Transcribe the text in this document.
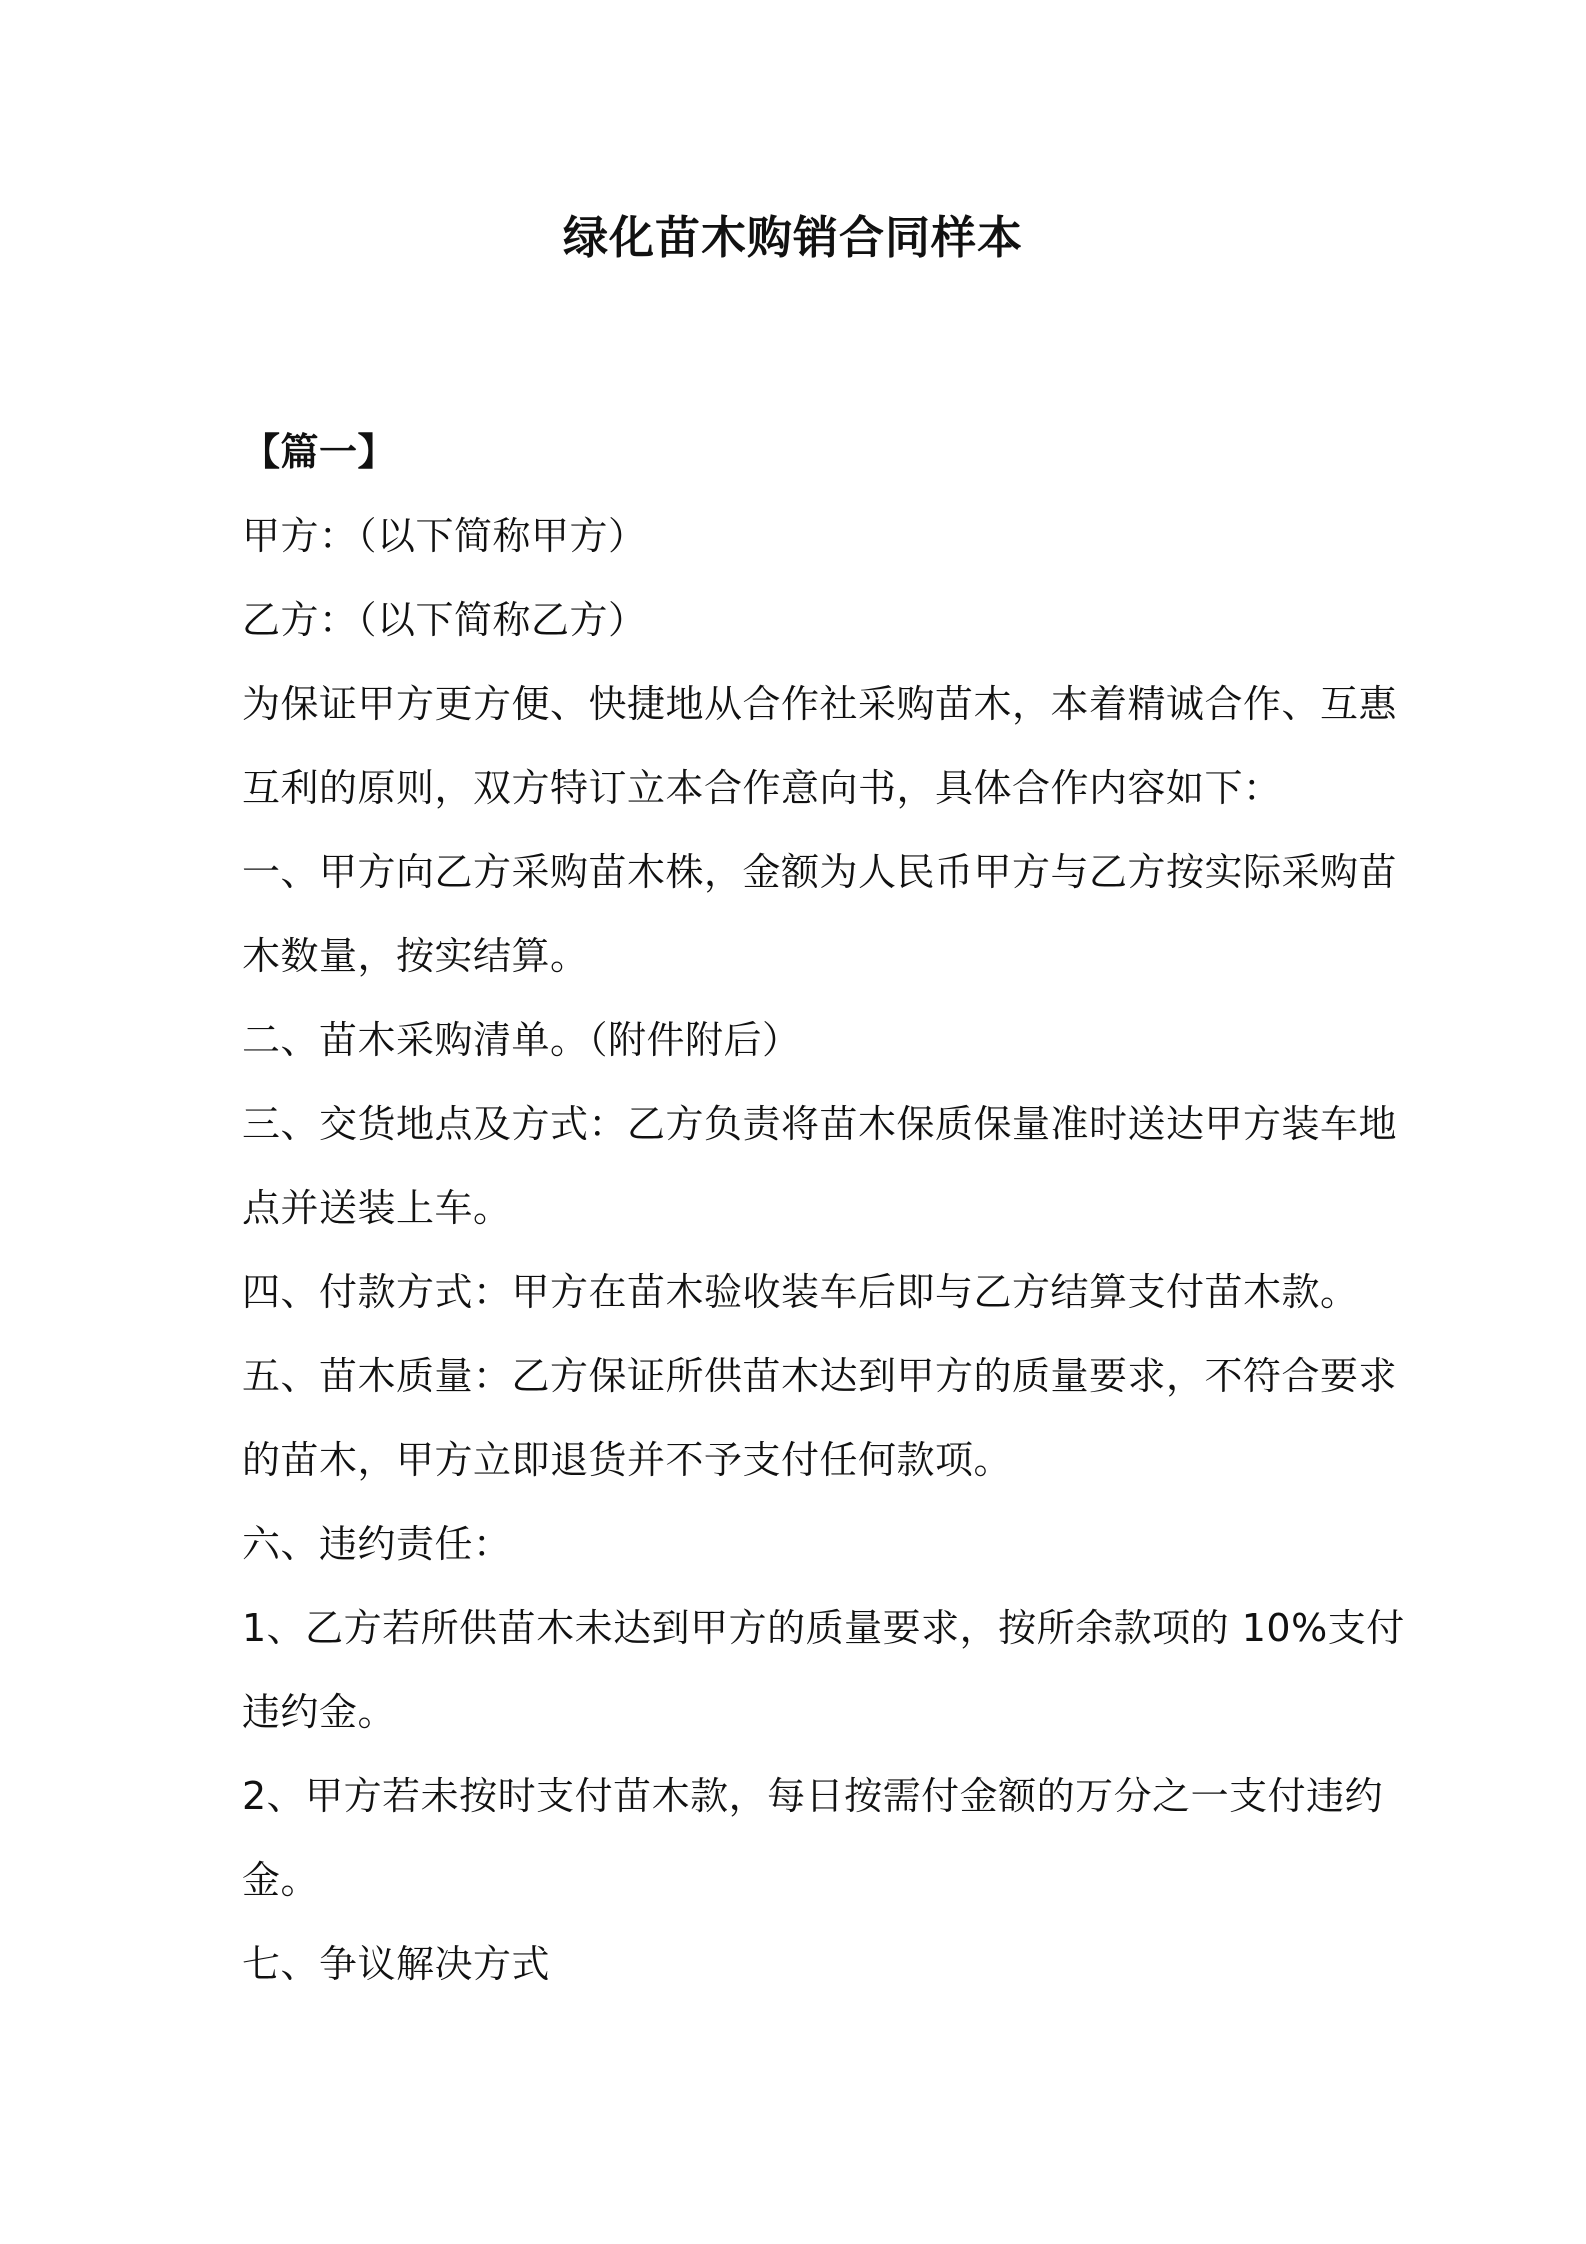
绿化苗木购销合同样本
【篇一】
甲方：（以下简称甲方）
乙方：（以下简称乙方）
为保证甲方更方便、快捷地从合作社采购苗木，本着精诚合作、互惠
互利的原则，双方特订立本合作意向书，具体合作内容如下：
一、甲方向乙方采购苗木株，金额为人民币甲方与乙方按实际采购苗
木数量，按实结算。
二、苗木采购清单。（附件附后）
三、交货地点及方式：乙方负责将苗木保质保量准时送达甲方装车地
点并送装上车。
四、付款方式：甲方在苗木验收装车后即与乙方结算支付苗木款。
五、苗木质量：乙方保证所供苗木达到甲方的质量要求，不符合要求
的苗木，甲方立即退货并不予支付任何款项。
六、违约责任：
1、乙方若所供苗木未达到甲方的质量要求，按所余款项的 10%支付
违约金。
2、甲方若未按时支付苗木款，每日按需付金额的万分之一支付违约
金。
七、争议解决方式
